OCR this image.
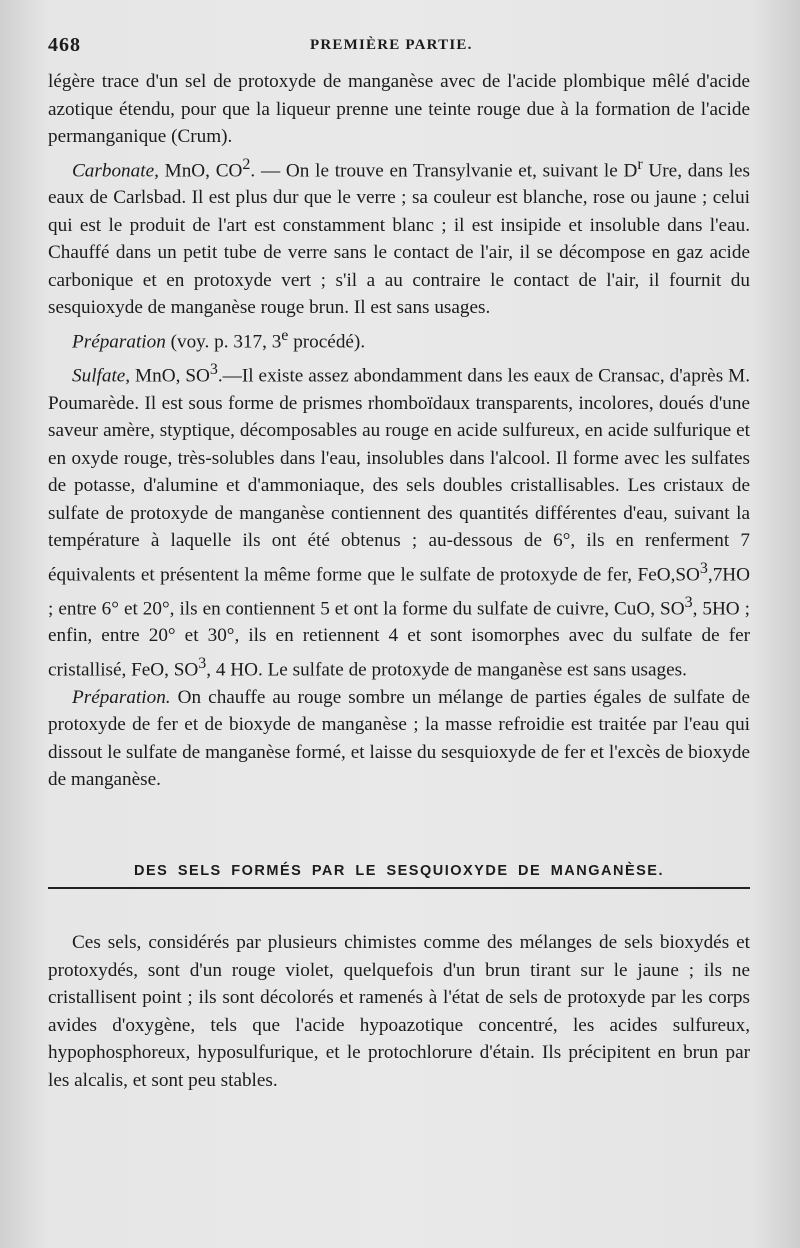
468	PREMIÈRE PARTIE.

légère trace d'un sel de protoxyde de manganèse avec de l'acide plombique mêlé d'acide azotique étendu, pour que la liqueur prenne une teinte rouge due à la formation de l'acide permanganique (Crum).

Carbonate, MnO, $CO^2$. — On le trouve en Transylvanie et, suivant le $D^r$ Ure, dans les eaux de Carlsbad. Il est plus dur que le verre ; sa couleur est blanche, rose ou jaune ; celui qui est le produit de l'art est constamment blanc ; il est insipide et insoluble dans l'eau. Chauffé dans un petit tube de verre sans le contact de l'air, il se décompose en gaz acide carbonique et en protoxyde vert ; s'il a au contraire le contact de l'air, il fournit du sesquioxyde de manganèse rouge brun. Il est sans usages.

Préparation (voy. p. 317, 3e procédé).

Sulfate, MnO, $SO^3.—Il$ existe assez abondamment dans les eaux de Cransac, d'après M. Poumarède. Il est sous forme de prismes rhomboïdaux transparents, incolores, doués d'une saveur amère, styptique, décomposables au rouge en acide sulfureux, en acide sulfurique et en oxyde rouge, très-solubles dans l'eau, insolubles dans l'alcool. Il forme avec les sulfates de potasse, d'alumine et d'ammoniaque, des sels doubles cristallisables. Les cristaux de sulfate de protoxyde de manganèse contiennent des quantités différentes d'eau, suivant la température à laquelle ils ont été obtenus ; au-dessous de 6°, ils en renferment 7 équivalents et présentent la même forme que le sulfate de protoxyde de fer, $FeO,SO^3,7HO$ ; entre 6° et 20°, ils en contiennent 5 et ont la forme du sulfate de cuivre, CuO, $SO^3$, 5HO ; enfin, entre 20° et 30°, ils en retiennent 4 et sont isomorphes avec du sulfate de fer cristallisé, FeO, $SO^3$, 4 HO. Le sulfate de protoxyde de manganèse est sans usages.

Préparation. On chauffe au rouge sombre un mélange de parties égales de sulfate de protoxyde de fer et de bioxyde de manganèse ; la masse refroidie est traitée par l'eau qui dissout le sulfate de manganèse formé, et laisse du sesquioxyde de fer et l'excès de bioxyde de manganèse.

DES SELS FORMÉS PAR LE SESQUIOXYDE DE MANGANÈSE.

Ces sels, considérés par plusieurs chimistes comme des mélanges de sels bioxydés et protoxydés, sont d'un rouge violet, quelquefois d'un brun tirant sur le jaune ; ils ne cristallisent point ; ils sont décolorés et ramenés à l'état de sels de protoxyde par les corps avides d'oxygène, tels que l'acide hypoazotique concentré, les acides sulfureux, hypophosphoreux, hyposulfurique, et le protochlorure d'étain. Ils précipitent en brun par les alcalis, et sont peu stables.
